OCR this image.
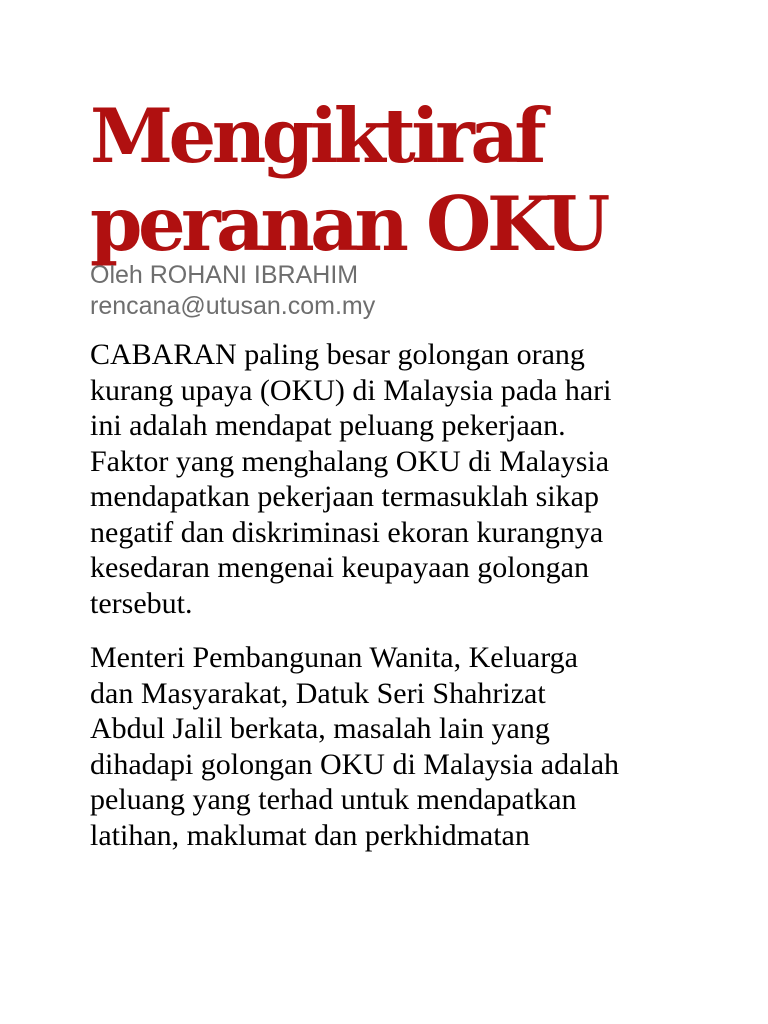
Mengiktiraf
peranan OKU
Oleh ROHANI IBRAHIM
rencana@utusan.com.my

CABARAN paling besar golongan orang
kurang upaya (OKU) di Malaysia pada hari
ini adalah mendapat peluang pekerjaan.
Faktor yang menghalang OKU di Malaysia
mendapatkan pekerjaan termasuklah sikap
negatif dan diskriminasi ekoran kurangnya
kesedaran mengenai keupayaan golongan
tersebut.

Menteri Pembangunan Wanita, Keluarga
dan Masyarakat, Datuk Seri Shahrizat
Abdul Jalil berkata, masalah lain yang
dihadapi golongan OKU di Malaysia adalah
peluang yang terhad untuk mendapatkan
latihan, maklumat dan perkhidmatan
